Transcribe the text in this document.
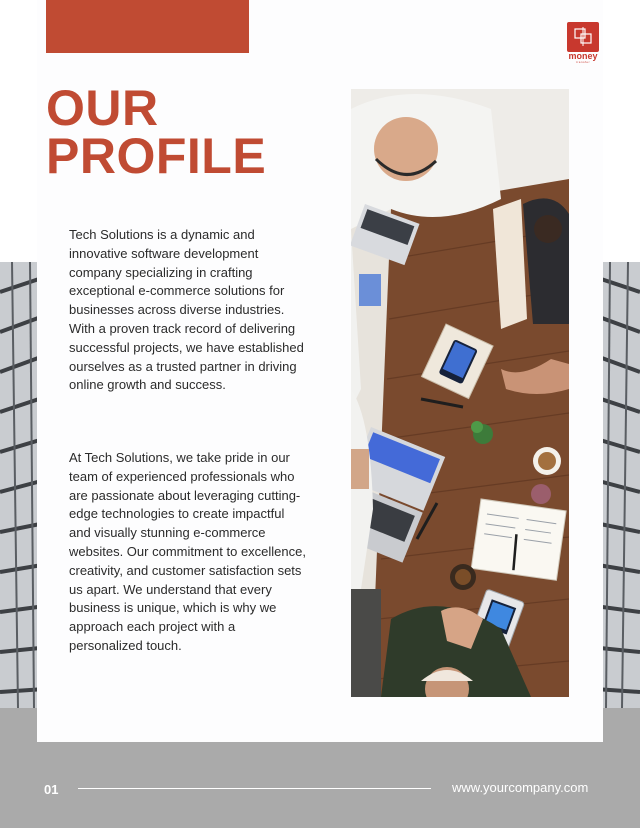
money
transfer
OUR
PROFILE

Tech Solutions is a dynamic and innovative software development company specializing in crafting exceptional e-commerce solutions for businesses across diverse industries. With a proven track record of delivering successful projects, we have established ourselves as a trusted partner in driving online growth and success.

At Tech Solutions, we take pride in our team of experienced professionals who are passionate about leveraging cutting-edge technologies to create impactful and visually stunning e-commerce websites. Our commitment to excellence, creativity, and customer satisfaction sets us apart. We understand that every business is unique, which is why we approach each project with a personalized touch.

01	www.yourcompany.com
